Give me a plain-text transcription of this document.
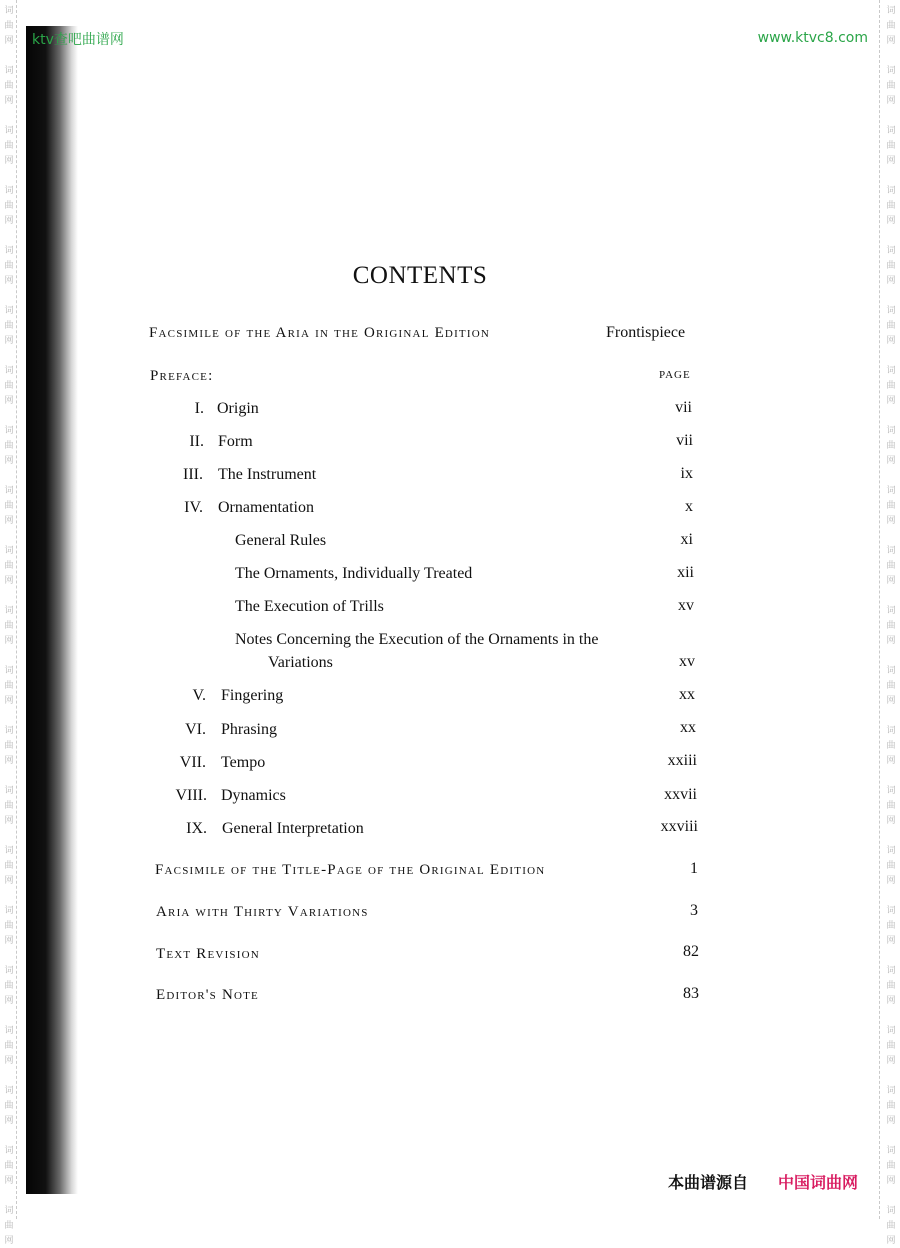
词
曲
网
词
曲
网
词
曲
网
词
曲
网
词
曲
网
词
曲
网
词
曲
网
词
曲
网
词
曲
网
词
曲
网
词
曲
网
词
曲
网
词
曲
网
词
曲
网
词
曲
网
词
曲
网
词
曲
网
词
曲
网
词
曲
网
词
曲
网
词
曲
网
词
曲
网
词
曲
网
词
曲
网
词
曲
网
词
曲
网
词
曲
网
词
曲
网
词
曲
网
词
曲
网
词
曲
网
词
曲
网
词
曲
网
词
曲
网
词
曲
网
词
曲
网
词
曲
网
词
曲
网
词
曲
网
词
曲
网
词
曲
网
词
曲
网
ktv查吧曲谱网	www.ktvc8.com
CONTENTS
Facsimile of the Aria in the Original Edition	Frontispiece
Preface:	PAGE
I. Origin	vii
II. Form	vii
III. The Instrument	ix
IV. Ornamentation	x
General Rules	xi
The Ornaments, Individually Treated	xii
The Execution of Trills	xv
Notes Concerning the Execution of the Ornaments in the
Variations	xv
V. Fingering	xx
VI. Phrasing	xx
VII. Tempo	xxiii
VIII. Dynamics	xxvii
IX. General Interpretation	xxviii
Facsimile of the Title-Page of the Original Edition	1
Aria with Thirty Variations	3
Text Revision	82
Editor's Note	83
本曲谱源自 中国词曲网
